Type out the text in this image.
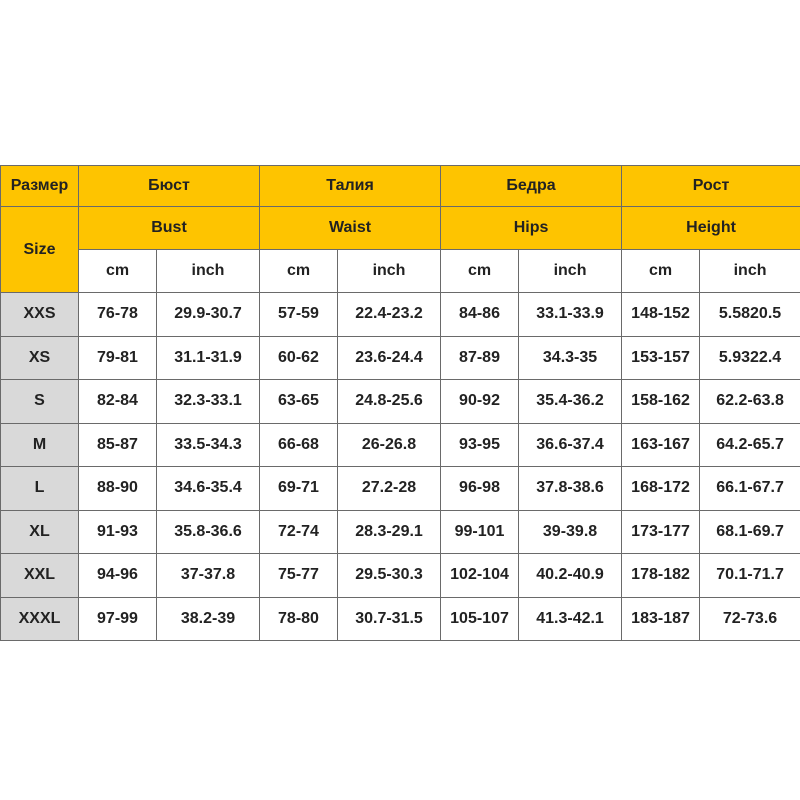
Размер	Бюст		Талия		Бедра		Рост	
Size	Bust		Waist		Hips		Height	
	cm	inch	cm	inch	cm	inch	cm	inch
XXS	76-78	29.9-30.7	57-59	22.4-23.2	84-86	33.1-33.9	148-152	5.5820.5
XS	79-81	31.1-31.9	60-62	23.6-24.4	87-89	34.3-35	153-157	5.9322.4
S	82-84	32.3-33.1	63-65	24.8-25.6	90-92	35.4-36.2	158-162	62.2-63.8
M	85-87	33.5-34.3	66-68	26-26.8	93-95	36.6-37.4	163-167	64.2-65.7
L	88-90	34.6-35.4	69-71	27.2-28	96-98	37.8-38.6	168-172	66.1-67.7
XL	91-93	35.8-36.6	72-74	28.3-29.1	99-101	39-39.8	173-177	68.1-69.7
XXL	94-96	37-37.8	75-77	29.5-30.3	102-104	40.2-40.9	178-182	70.1-71.7
XXXL	97-99	38.2-39	78-80	30.7-31.5	105-107	41.3-42.1	183-187	72-73.6
